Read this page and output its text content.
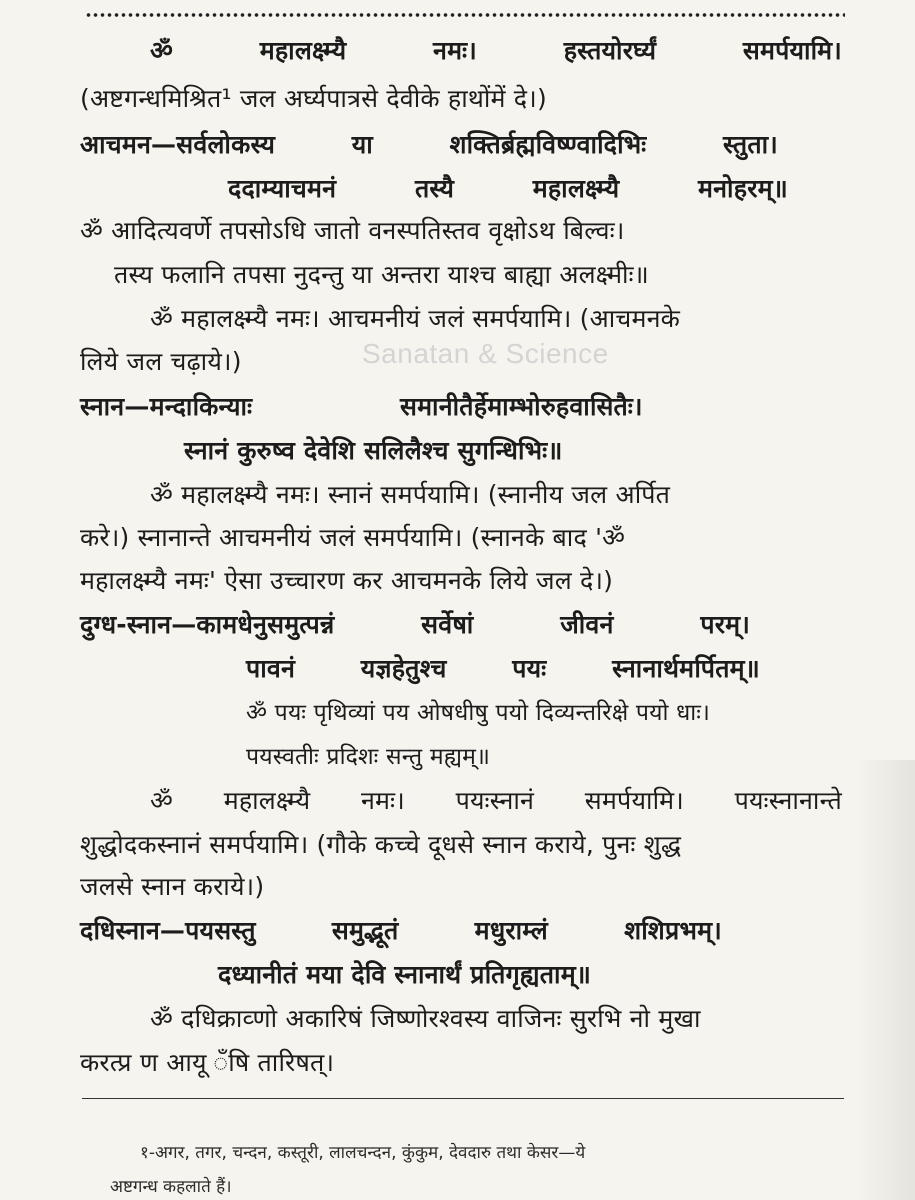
Sanatan & Science
ॐ	महालक्ष्म्यै	नमः।	हस्तयोरर्घ्यं	समर्पयामि।
(अष्टगन्धमिश्रित¹ जल अर्घ्यपात्रसे देवीके हाथोंमें दे।)
आचमन—सर्वलोकस्य	या	शक्तिर्ब्रह्मविष्ण्वादिभिः	स्तुता।
ददाम्याचमनं	तस्यै	महालक्ष्म्यै	मनोहरम्॥
ॐ आदित्यवर्णे तपसोऽधि जातो वनस्पतिस्तव वृक्षोऽथ बिल्वः।
तस्य फलानि तपसा नुदन्तु या अन्तरा याश्च बाह्या अलक्ष्मीः॥
ॐ महालक्ष्म्यै नमः। आचमनीयं जलं समर्पयामि। (आचमनके
लिये जल चढ़ाये।)
स्नान—मन्दाकिन्याः	समानीतैर्हेमाम्भोरुहवासितैः।
स्नानं कुरुष्व देवेशि सलिलैश्च सुगन्धिभिः॥
ॐ महालक्ष्म्यै नमः। स्नानं समर्पयामि। (स्नानीय जल अर्पित
करे।) स्नानान्ते आचमनीयं जलं समर्पयामि। (स्नानके बाद 'ॐ
महालक्ष्म्यै नमः' ऐसा उच्चारण कर आचमनके लिये जल दे।)
दुग्ध-स्नान—कामधेनुसमुत्पन्नं	सर्वेषां	जीवनं	परम्।
पावनं	यज्ञहेतुश्च	पयः	स्नानार्थमर्पितम्॥
ॐ पयः पृथिव्यां पय ओषधीषु पयो दिव्यन्तरिक्षे पयो धाः।
पयस्वतीः प्रदिशः सन्तु मह्यम्॥
ॐ महालक्ष्म्यै नमः। पयःस्नानं समर्पयामि। पयःस्नानान्ते
शुद्धोदकस्नानं समर्पयामि। (गौके कच्चे दूधसे स्नान कराये, पुनः शुद्ध
जलसे स्नान कराये।)
दधिस्नान—पयसस्तु	समुद्भूतं	मधुराम्लं	शशिप्रभम्।
दध्यानीतं मया देवि स्नानार्थं प्रतिगृह्यताम्॥
ॐ दधिक्राव्णो अकारिषं जिष्णोरश्वस्य वाजिनः सुरभि नो मुखा
करत्प्र ण आयू ँषि तारिषत्।
१-अगर, तगर, चन्दन, कस्तूरी, लालचन्दन, कुंकुम, देवदारु तथा केसर—ये
अष्टगन्ध कहलाते हैं।
